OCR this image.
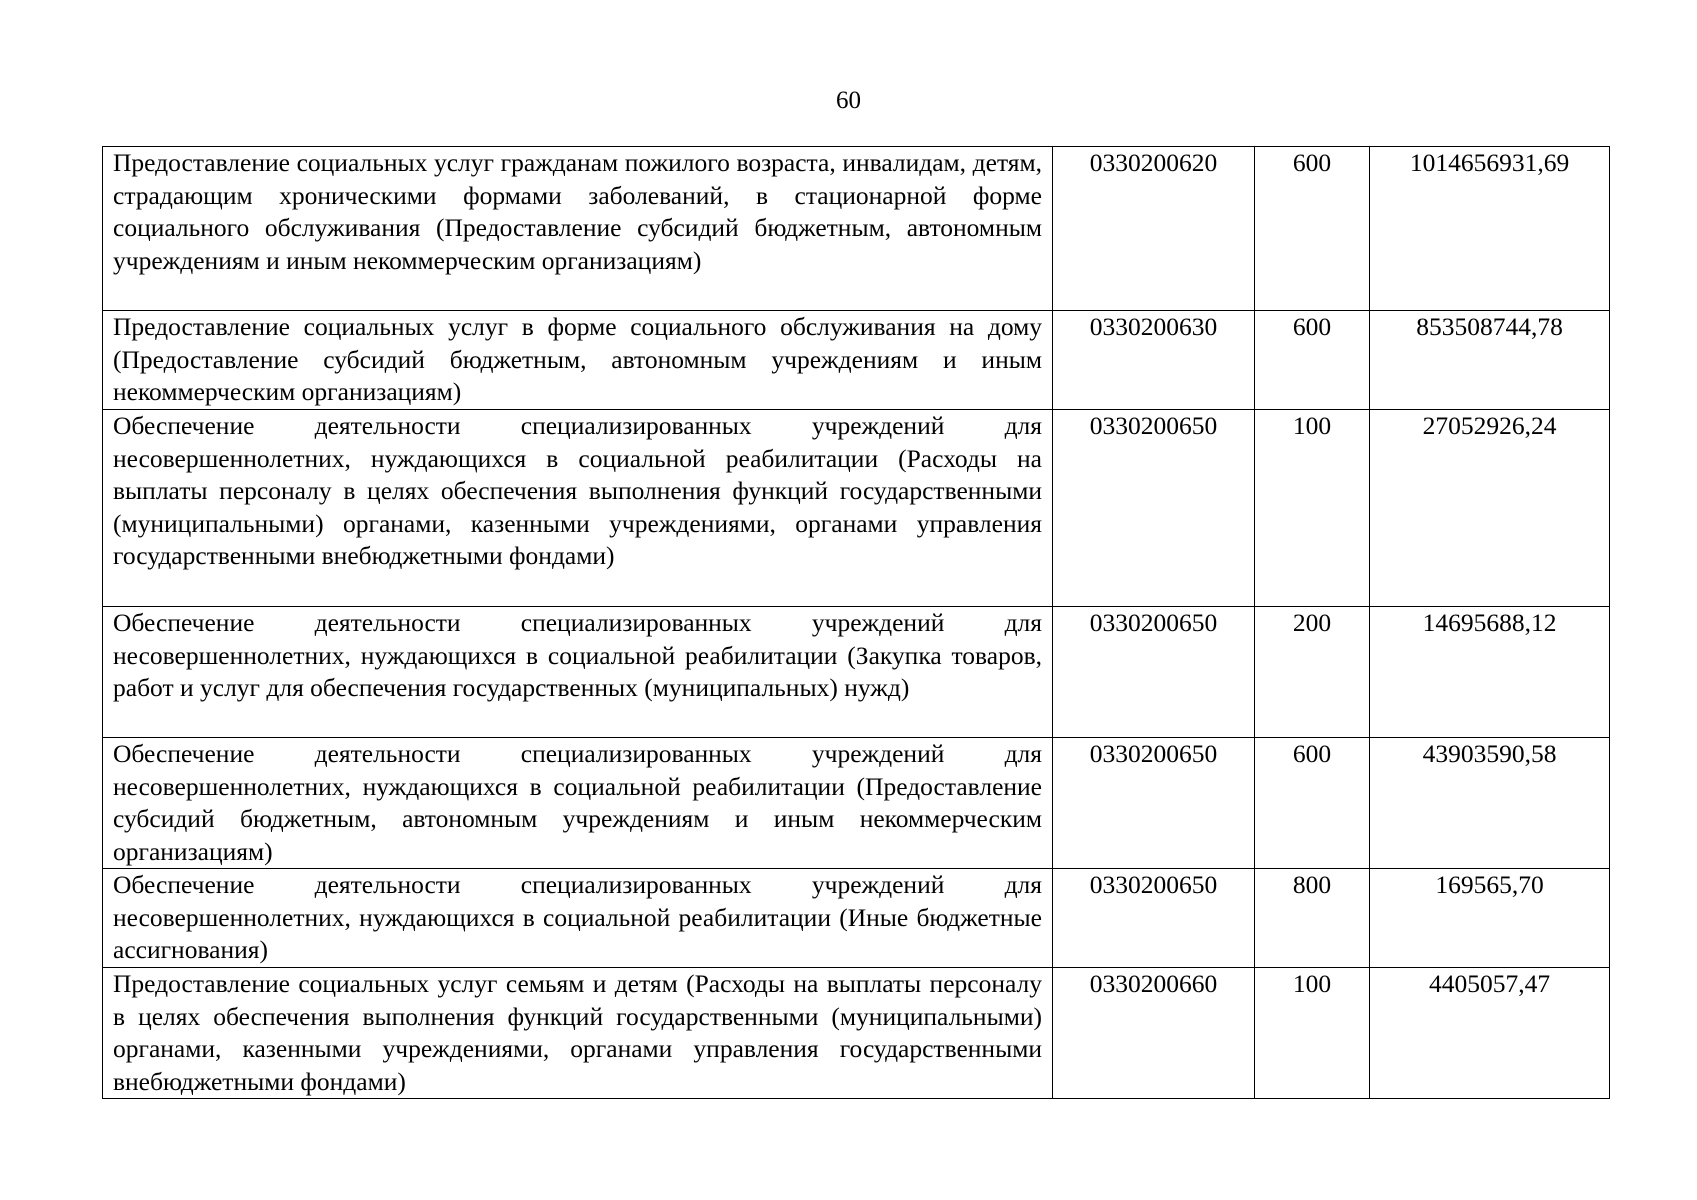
60
Предоставление социальных услуг гражданам пожилого возраста, инвалидам, детям, страдающим хроническими формами заболеваний, в стационарной форме социального обслуживания (Предоставление субсидий бюджетным, автономным учреждениям и иным некоммерческим организациям)	0330200620	600	1014656931,69
Предоставление социальных услуг в форме социального обслуживания на дому (Предоставление субсидий бюджетным, автономным учреждениям и иным некоммерческим организациям)	0330200630	600	853508744,78
Обеспечение деятельности специализированных учреждений для несовершеннолетних, нуждающихся в социальной реабилитации (Расходы на выплаты персоналу в целях обеспечения выполнения функций государственными (муниципальными) органами, казенными учреждениями, органами управления государственными внебюджетными фондами)	0330200650	100	27052926,24
Обеспечение деятельности специализированных учреждений для несовершеннолетних, нуждающихся в социальной реабилитации (Закупка товаров, работ и услуг для обеспечения государственных (муниципальных) нужд)	0330200650	200	14695688,12
Обеспечение деятельности специализированных учреждений для несовершеннолетних, нуждающихся в социальной реабилитации (Предоставление субсидий бюджетным, автономным учреждениям и иным некоммерческим организациям)	0330200650	600	43903590,58
Обеспечение деятельности специализированных учреждений для несовершеннолетних, нуждающихся в социальной реабилитации (Иные бюджетные ассигнования)	0330200650	800	169565,70
Предоставление социальных услуг семьям и детям (Расходы на выплаты персоналу в целях обеспечения выполнения функций государственными (муниципальными) органами, казенными учреждениями, органами управления государственными внебюджетными фондами)	0330200660	100	4405057,47
